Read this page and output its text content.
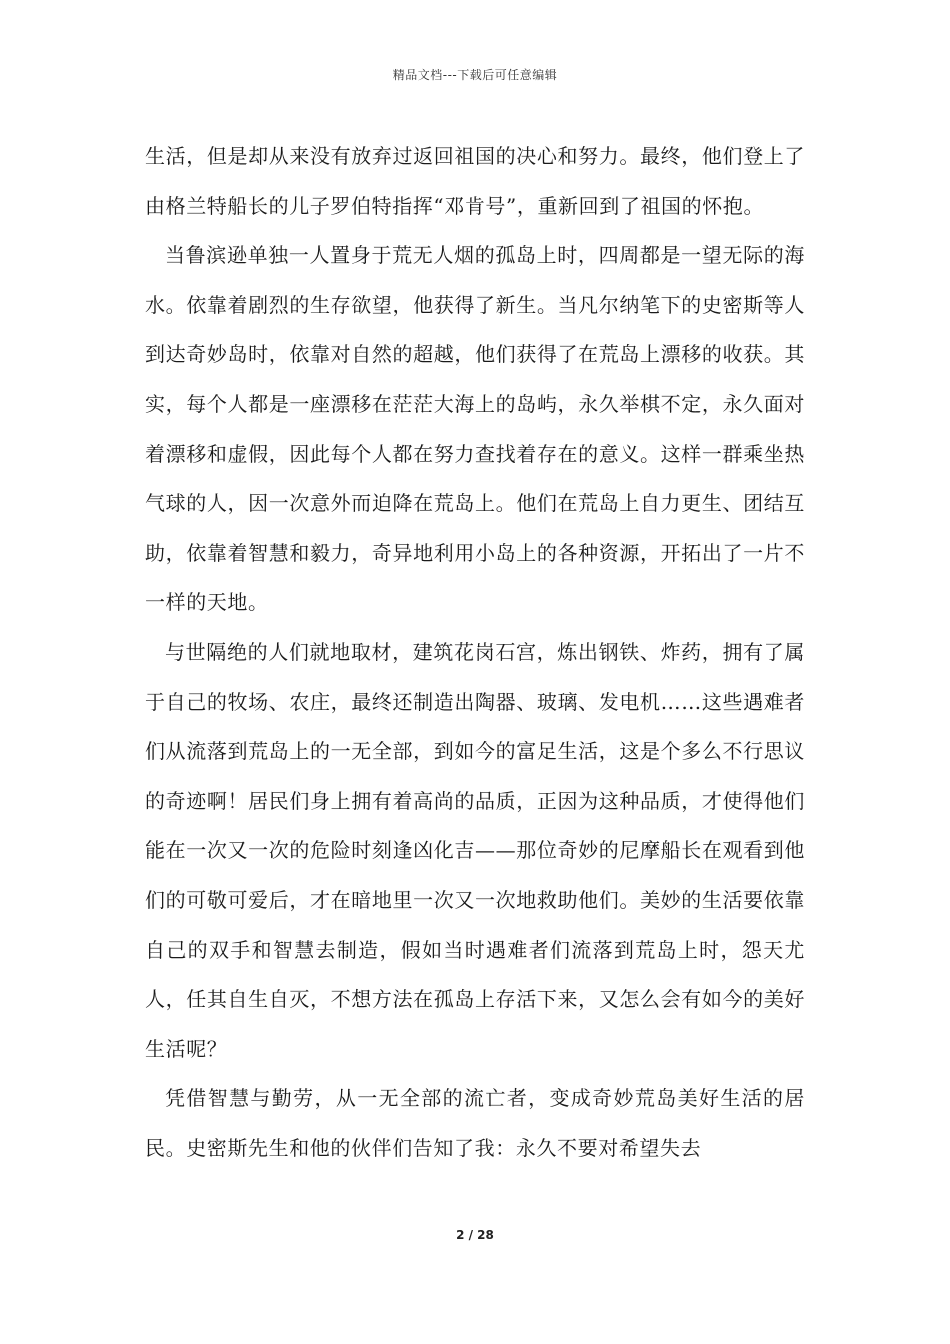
精品文档---下载后可任意编辑

生活，但是却从来没有放弃过返回祖国的决心和努力。最终，他们登上了由格兰特船长的儿子罗伯特指挥“邓肯号”，重新回到了祖国的怀抱。

当鲁滨逊单独一人置身于荒无人烟的孤岛上时，四周都是一望无际的海水。依靠着剧烈的生存欲望，他获得了新生。当凡尔纳笔下的史密斯等人到达奇妙岛时，依靠对自然的超越，他们获得了在荒岛上漂移的收获。其实，每个人都是一座漂移在茫茫大海上的岛屿，永久举棋不定，永久面对着漂移和虚假，因此每个人都在努力查找着存在的意义。这样一群乘坐热气球的人，因一次意外而迫降在荒岛上。他们在荒岛上自力更生、团结互助，依靠着智慧和毅力，奇异地利用小岛上的各种资源，开拓出了一片不一样的天地。

与世隔绝的人们就地取材，建筑花岗石宫，炼出钢铁、炸药，拥有了属于自己的牧场、农庄，最终还制造出陶器、玻璃、发电机……这些遇难者们从流落到荒岛上的一无全部，到如今的富足生活，这是个多么不行思议的奇迹啊！居民们身上拥有着高尚的品质，正因为这种品质，才使得他们能在一次又一次的危险时刻逢凶化吉——那位奇妙的尼摩船长在观看到他们的可敬可爱后，才在暗地里一次又一次地救助他们。美妙的生活要依靠自己的双手和智慧去制造，假如当时遇难者们流落到荒岛上时，怨天尤人，任其自生自灭，不想方法在孤岛上存活下来，又怎么会有如今的美好生活呢？

凭借智慧与勤劳，从一无全部的流亡者，变成奇妙荒岛美好生活的居民。史密斯先生和他的伙伴们告知了我：永久不要对希望失去

2 / 28
